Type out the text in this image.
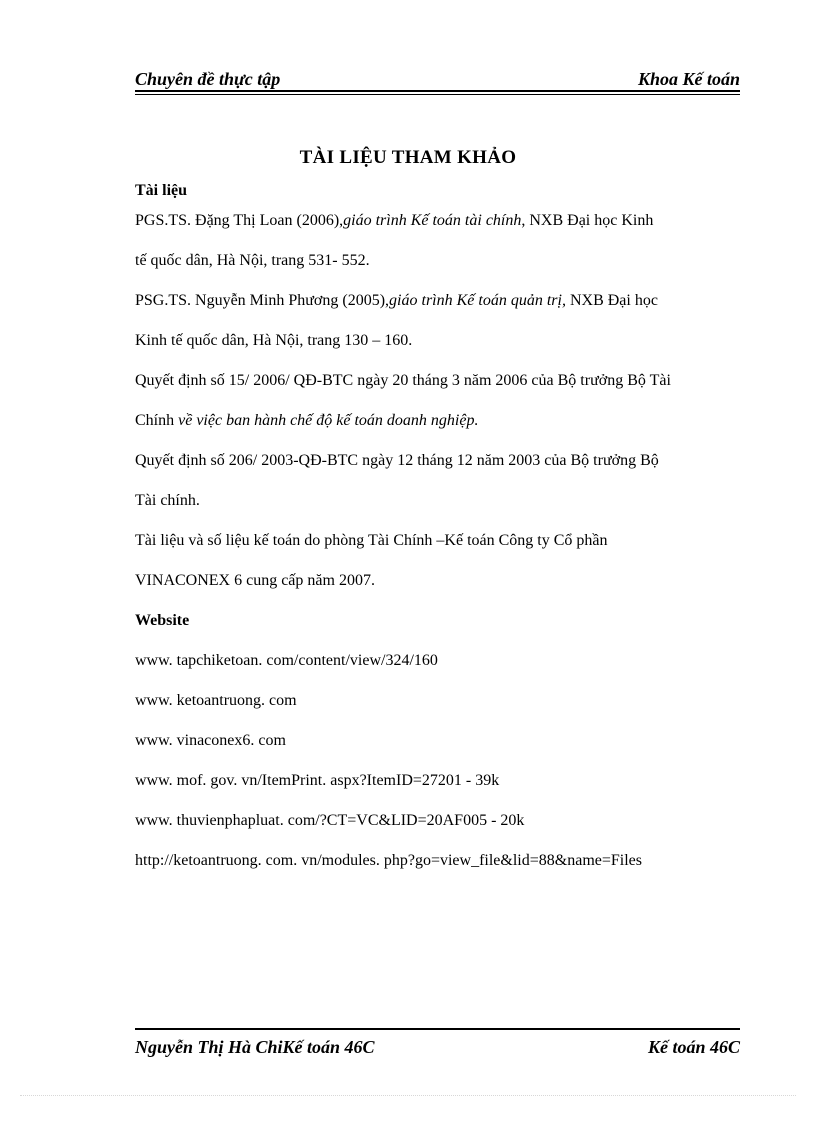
Chuyên đề thực tập	Khoa Kế toán
TÀI LIỆU THAM KHẢO
Tài liệu
PGS.TS. Đặng Thị Loan (2006),giáo trình Kế toán tài chính, NXB Đại học Kinh
tế quốc dân, Hà Nội, trang 531- 552.
PSG.TS. Nguyễn Minh Phương (2005),giáo trình Kế toán quản trị, NXB Đại học
Kinh tế quốc dân, Hà Nội, trang 130 – 160.
Quyết định số 15/ 2006/ QĐ-BTC ngày 20 tháng 3 năm 2006 của Bộ trưởng Bộ Tài
Chính về việc ban hành chế độ kế toán doanh nghiệp.
Quyết định số 206/ 2003-QĐ-BTC ngày 12 tháng 12 năm 2003 của Bộ trưởng Bộ
Tài chính.
Tài liệu và số liệu kế toán do phòng Tài Chính –Kế toán Công ty Cổ phần
VINACONEX 6 cung cấp năm 2007.
Website
www. tapchiketoan. com/content/view/324/160
www. ketoantruong. com
www. vinaconex6. com
www. mof. gov. vn/ItemPrint. aspx?ItemID=27201 - 39k
www. thuvienphapluat. com/?CT=VC&LID=20AF005 - 20k
http://ketoantruong. com. vn/modules. php?go=view_file&lid=88&name=Files
Nguyễn Thị Hà ChiKế toán 46C	Kế toán 46C
